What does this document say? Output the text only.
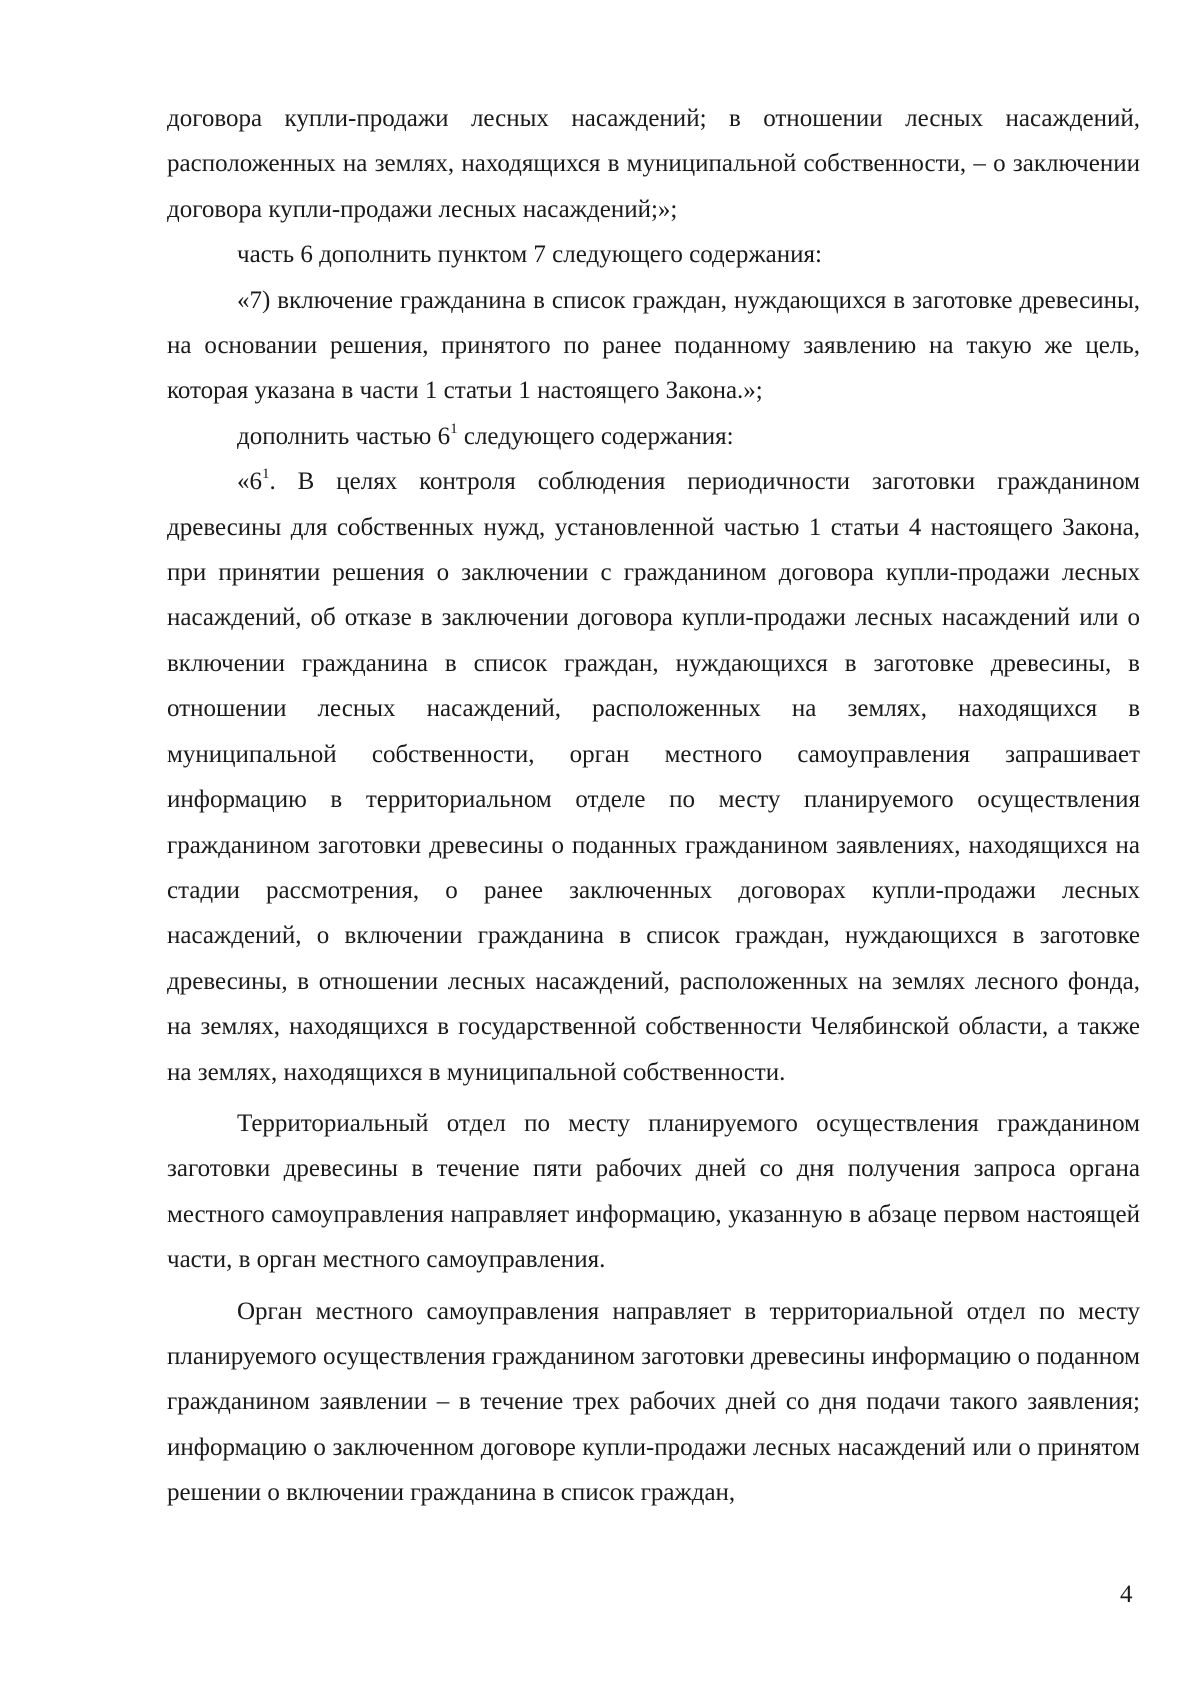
договора купли-продажи лесных насаждений; в отношении лесных насаждений, расположенных на землях, находящихся в муниципальной собственности, – о заключении договора купли-продажи лесных насаждений;»;

часть 6 дополнить пунктом 7 следующего содержания:

«7) включение гражданина в список граждан, нуждающихся в заготовке древесины, на основании решения, принятого по ранее поданному заявлению на такую же цель, которая указана в части 1 статьи 1 настоящего Закона.»;

дополнить частью $6^1$ следующего содержания:

«$6^1$. В целях контроля соблюдения периодичности заготовки гражданином древесины для собственных нужд, установленной частью 1 статьи 4 настоящего Закона, при принятии решения о заключении с гражданином договора купли-продажи лесных насаждений, об отказе в заключении договора купли-продажи лесных насаждений или о включении гражданина в список граждан, нуждающихся в заготовке древесины, в отношении лесных насаждений, расположенных на землях, находящихся в муниципальной собственности, орган местного самоуправления запрашивает информацию в территориальном отделе по месту планируемого осуществления гражданином заготовки древесины о поданных гражданином заявлениях, находящихся на стадии рассмотрения, о ранее заключенных договорах купли-продажи лесных насаждений, о включении гражданина в список граждан, нуждающихся в заготовке древесины, в отношении лесных насаждений, расположенных на землях лесного фонда, на землях, находящихся в государственной собственности Челябинской области, а также на землях, находящихся в муниципальной собственности.

Территориальный отдел по месту планируемого осуществления гражданином заготовки древесины в течение пяти рабочих дней со дня получения запроса органа местного самоуправления направляет информацию, указанную в абзаце первом настоящей части, в орган местного самоуправления.

Орган местного самоуправления направляет в территориальной отдел по месту планируемого осуществления гражданином заготовки древесины информацию о поданном гражданином заявлении – в течение трех рабочих дней со дня подачи такого заявления; информацию о заключенном договоре купли-продажи лесных насаждений или о принятом решении о включении гражданина в список граждан,

4
